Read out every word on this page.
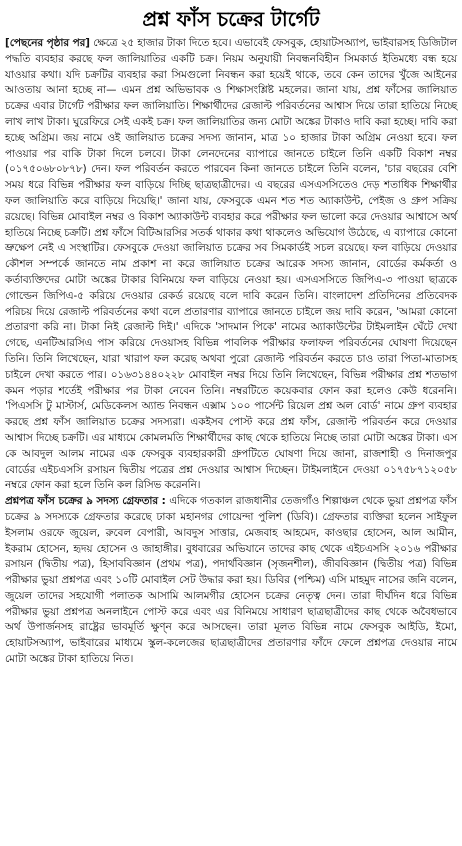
প্রশ্ন ফাঁস চক্রের টার্গেট

[পেছনের পৃষ্ঠার পর] ক্ষেত্রে ২৫ হাজার টাকা দিতে হবে। এভাবেই ফেসবুক, হোয়াটসঅ্যাপ, ভাইবারসহ ডিজিটাল পদ্ধতি ব্যবহার করছে ফল জালিয়াতির একটি চক্র। নিয়ম অনুযায়ী নিবন্ধনবিহীন সিমকার্ড ইতিমধ্যে বন্ধ হয়ে যাওয়ার কথা। যদি চক্রটির ব্যবহার করা সিমগুলো নিবন্ধন করা হয়েই থাকে, তবে কেন তাদের খুঁজে আইনের আওতায় আনা হচ্ছে না— এমন প্রশ্ন অভিভাবক ও শিক্ষাসংশ্লিষ্ট মহলের। জানা যায়, প্রশ্ন ফাঁসের জালিয়াত চক্রের এবার টার্গেট পরীক্ষার ফল জালিয়াতি। শিক্ষার্থীদের রেজাল্ট পরিবর্তনের আশ্বাস দিয়ে তারা হাতিয়ে নিচ্ছে লাখ লাখ টাকা। ঘুরেফিরে সেই একই চক্র। ফল জালিয়াতির জন্য মোটা অঙ্কের টাকাও দাবি করা হচ্ছে। দাবি করা হচ্ছে অগ্রিম। জয় নামে ওই জালিয়াত চক্রের সদস্য জানান, মাত্র ১০ হাজার টাকা অগ্রিম নেওয়া হবে। ফল পাওয়ার পর বাকি টাকা দিলে চলবে। টাকা লেনদেনের ব্যাপারে জানতে চাইলে তিনি একটি বিকাশ নম্বর (০১৭৫০৬৮০৮৭৮) দেন। ফল পরিবর্তন করতে পারবেন কিনা জানতে চাইলে তিনি বলেন, 'চার বছরের বেশি সময় ধরে বিভিন্ন পরীক্ষার ফল বাড়িয়ে দিচ্ছি ছাত্রছাত্রীদের। এ বছরের এসএসসিতেও দেড় শতাধিক শিক্ষার্থীর ফল জালিয়াতি করে বাড়িয়ে দিয়েছি।' জানা যায়, ফেসবুকে এমন শত শত অ্যাকাউন্ট, পেইজ ও গ্রুপ সক্রিয় রয়েছে। বিভিন্ন মোবাইল নম্বর ও বিকাশ অ্যাকাউন্ট ব্যবহার করে পরীক্ষার ফল ভালো করে দেওয়ার আশ্বাসে অর্থ হাতিয়ে নিচ্ছে চক্রটি। প্রশ্ন ফাঁসে বিটিআরসির সতর্ক থাকার কথা থাকলেও অভিযোগ উঠেছে, এ ব্যাপারে কোনো ভ্রুক্ষেপ নেই এ সংস্থাটির। ফেসবুকে দেওয়া জালিয়াত চক্রের সব সিমকার্ডই সচল রয়েছে। ফল বাড়িয়ে দেওয়ার কৌশল সম্পর্কে জানতে নাম প্রকাশ না করে জালিয়াত চক্রের আরেক সদস্য জানান, বোর্ডের কর্মকর্তা ও কর্তাব্যক্তিদের মোটা অঙ্কের টাকার বিনিময়ে ফল বাড়িয়ে নেওয়া হয়। এসএসসিতে জিপিএ-৩ পাওয়া ছাত্রকে গোল্ডেন জিপিএ-৫ করিয়ে দেওয়ার রেকর্ড রয়েছে বলে দাবি করেন তিনি। বাংলাদেশ প্রতিদিনের প্রতিবেদক পরিচয় দিয়ে রেজাল্ট পরিবর্তনের কথা বলে প্রতারণার ব্যাপারে জানতে চাইলে জয় দাবি করেন, 'আমরা কোনো প্রতারণা করি না। টাকা নিই রেজাল্ট দিই।' এদিকে 'সাদমান পিকে' নামের অ্যাকাউন্টের টাইমলাইন ঘেঁটে দেখা গেছে, এনটিআরসিএ পাস করিয়ে দেওয়াসহ বিভিন্ন পাবলিক পরীক্ষার ফলাফল পরিবর্তনের ঘোষণা দিয়েছেন তিনি। তিনি লিখেছেন, যারা খারাপ ফল করেছ অথবা পুরো রেজাল্ট পরিবর্তন করতে চাও তারা পিতা-মাতাসহ চাইলে দেখা করতে পার। ০১৬৩১৪৪০২২৮ মোবাইল নম্বর দিয়ে তিনি লিখেছেন, বিভিন্ন পরীক্ষার প্রশ্ন শতভাগ কমন পড়ার শর্তেই পরীক্ষার পর টাকা নেবেন তিনি। নম্বরটিতে কয়েকবার ফোন করা হলেও কেউ ধরেননি। 'পিএসসি টু মাস্টার্স, মেডিকেলস অ্যান্ড নিবন্ধন এক্সাম ১০০ পার্সেন্ট রিয়েল প্রশ্ন অল বোর্ড' নামে গ্রুপ ব্যবহার করছে প্রশ্ন ফাঁস জালিয়াত চক্রের সদস্যরা। একইসব পোস্ট করে প্রশ্ন ফাঁস, রেজাল্ট পরিবর্তন করে দেওয়ার আশ্বাস দিচ্ছে চক্রটি। এর মাধ্যমে কোমলমতি শিক্ষার্থীদের কাছ থেকে হাতিয়ে নিচ্ছে তারা মোটা অঙ্কের টাকা। এস কে আবদুল আলম নামের এক ফেসবুক ব্যবহারকারী গ্রুপটিতে ঘোষণা দিয়ে জানা, রাজশাহী ও দিনাজপুর বোর্ডের এইচএসসি রসায়ন দ্বিতীয় পত্রের প্রশ্ন দেওয়ার আশ্বাস দিচ্ছেন। টাইমলাইনে দেওয়া ০১৭৫৮৭১২০৫৮ নম্বরে ফোন করা হলে তিনি কল রিসিভ করেননি।

প্রশ্নপত্র ফাঁস চক্রের ৯ সদস্য গ্রেফতার : এদিকে গতকাল রাজধানীর তেজগাঁও শিল্পাঞ্চল থেকে ভুয়া প্রশ্নপত্র ফাঁস চক্রের ৯ সদস্যকে গ্রেফতার করেছে ঢাকা মহানগর গোয়েন্দা পুলিশ (ডিবি)। গ্রেফতার ব্যক্তিরা হলেন সাইফুল ইসলাম ওরফে জুয়েল, রুবেল বেপারী, আবদুস সাত্তার, মেজবাহ আহমেদ, কাওছার হোসেন, আল আমীন, ইকরাম হোসেন, হৃদয় হোসেন ও জাহাঙ্গীর। বুধবারের অভিযানে তাদের কাছ থেকে এইচএসসি ২০১৬ পরীক্ষার রসায়ন (দ্বিতীয় পত্র), হিসাববিজ্ঞান (প্রথম পত্র), পদার্থবিজ্ঞান (সৃজনশীল), জীববিজ্ঞান (দ্বিতীয় পত্র) বিভিন্ন পরীক্ষার ভুয়া প্রশ্নপত্র এবং ১০টি মোবাইল সেট উদ্ধার করা হয়। ডিবির (পশ্চিম) এসি মাহমুদ নাসের জনি বলেন, জুয়েল তাদের সহযোগী পলাতক আসামি আলমগীর হোসেন চক্রের নেতৃত্ব দেন। তারা দীর্ঘদিন ধরে বিভিন্ন পরীক্ষার ভুয়া প্রশ্নপত্র অনলাইনে পোস্ট করে এবং এর বিনিময়ে সাধারণ ছাত্রছাত্রীদের কাছ থেকে অবৈধভাবে অর্থ উপার্জনসহ রাষ্ট্রের ভাবমূর্তি ক্ষুণ্ন করে আসছেন। তারা মূলত বিভিন্ন নামে ফেসবুক আইডি, ইমো, হোয়াটসঅ্যাপ, ভাইবারের মাধ্যমে স্কুল-কলেজের ছাত্রছাত্রীদের প্রতারণার ফাঁদে ফেলে প্রশ্নপত্র দেওয়ার নামে মোটা অঙ্কের টাকা হাতিয়ে নিত।
